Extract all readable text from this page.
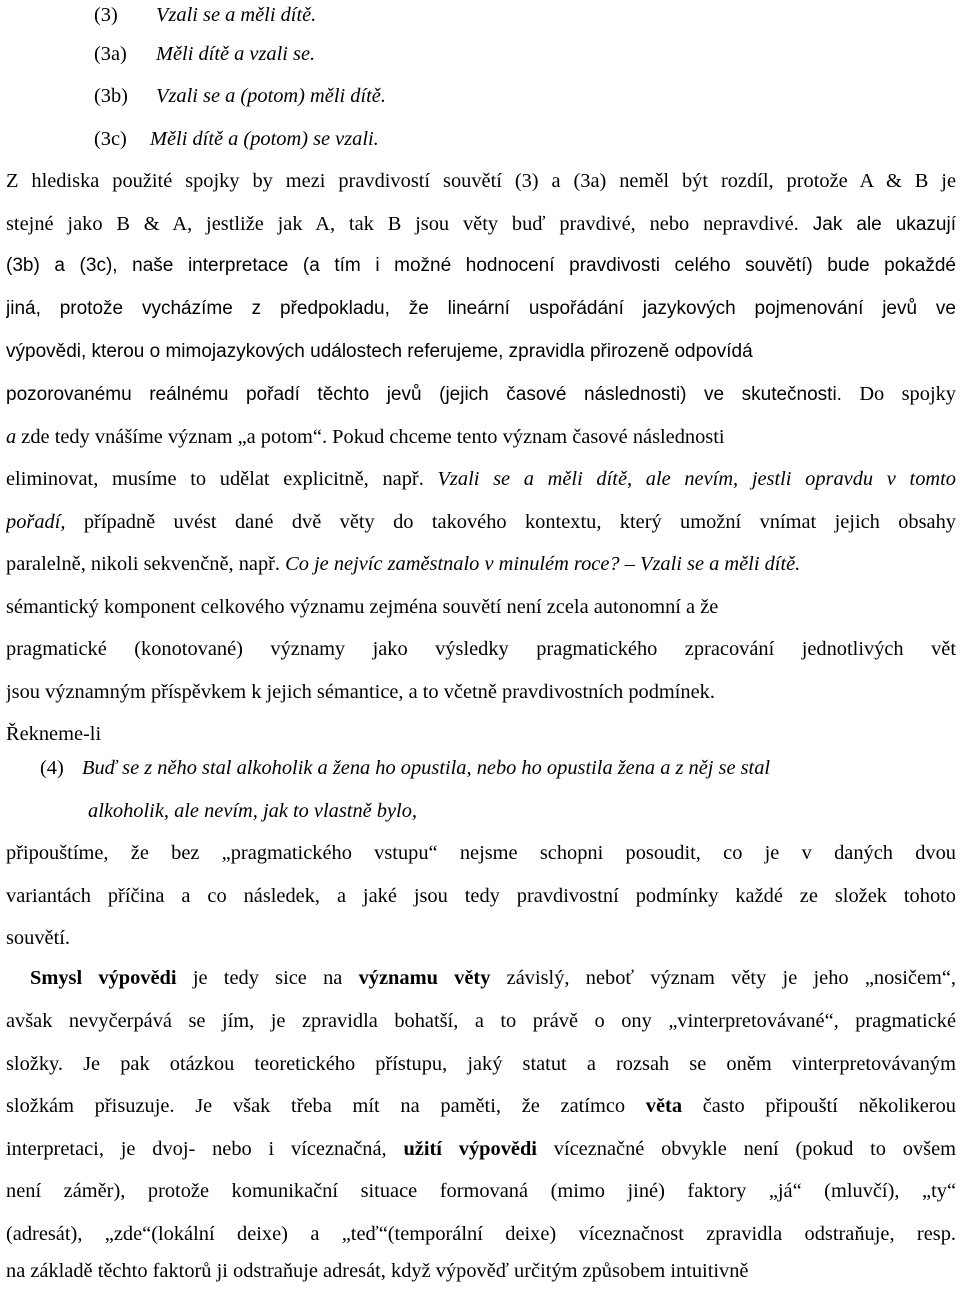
(3) Vzali se a měli dítě.
(3a) Měli dítě a vzali se.
(3b) Vzali se a (potom) měli dítě.
(3c) Měli dítě a (potom) se vzali.
Z hlediska použité spojky by mezi pravdivostí souvětí (3) a (3a) neměl být rozdíl, protože A & B je
stejné jako B & A, jestliže jak A, tak B jsou věty buď pravdivé, nebo nepravdivé. Jak ale ukazují
(3b) a (3c), naše interpretace (a tím i možné hodnocení pravdivosti celého souvětí) bude pokaždé
jiná, protože vycházíme z předpokladu, že lineární uspořádání jazykových pojmenování jevů ve
výpovědi, kterou o mimojazykových událostech referujeme, zpravidla přirozeně odpovídá
pozorovanému reálnému pořadí těchto jevů (jejich časové následnosti) ve skutečnosti. Do spojky
a zde tedy vnášíme význam „a potom“. Pokud chceme tento význam časové následnosti
eliminovat, musíme to udělat explicitně, např. Vzali se a měli dítě, ale nevím, jestli opravdu v tomto
pořadí, případně uvést dané dvě věty do takového kontextu, který umožní vnímat jejich obsahy
paralelně, nikoli sekvenčně, např. Co je nejvíc zaměstnalo v minulém roce? – Vzali se a měli dítě.
sémantický komponent celkového významu zejména souvětí není zcela autonomní a že
pragmatické (konotované) významy jako výsledky pragmatického zpracování jednotlivých vět
jsou významným příspěvkem k jejich sémantice, a to včetně pravdivostních podmínek.
Řekneme-li
(4) Buď se z něho stal alkoholik a žena ho opustila, nebo ho opustila žena a z něj se stal
alkoholik, ale nevím, jak to vlastně bylo,
připouštíme, že bez „pragmatického vstupu“ nejsme schopni posoudit, co je v daných dvou
variantách příčina a co následek, a jaké jsou tedy pravdivostní podmínky každé ze složek tohoto
souvětí.
Smysl výpovědi je tedy sice na významu věty závislý, neboť význam věty je jeho „nosičem“,
avšak nevyčerpává se jím, je zpravidla bohatší, a to právě o ony „vinterpretovávané“, pragmatické
složky. Je pak otázkou teoretického přístupu, jaký statut a rozsah se oněm vinterpretovávaným
složkám přisuzuje. Je však třeba mít na paměti, že zatímco věta často připouští několikerou
interpretaci, je dvoj- nebo i víceznačná, užití výpovědi víceznačné obvykle není (pokud to ovšem
není záměr), protože komunikační situace formovaná (mimo jiné) faktory „já“ (mluvčí), „ty“
(adresát), „zde“(lokální deixe) a „teď“(temporální deixe) víceznačnost zpravidla odstraňuje, resp.
na základě těchto faktorů ji odstraňuje adresát, když výpověď určitým způsobem intuitivně
